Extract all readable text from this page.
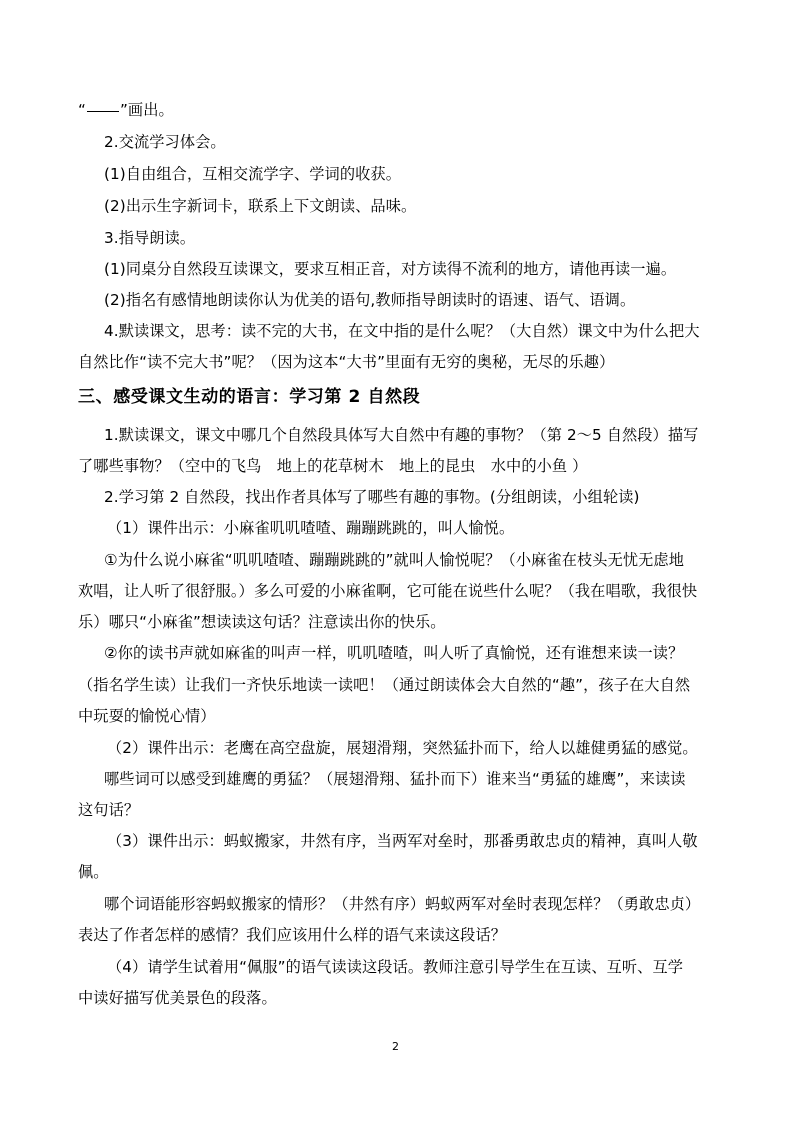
“ ”画出。
2.交流学习体会。
(1)自由组合，互相交流学字、学词的收获。
(2)出示生字新词卡，联系上下文朗读、品味。
3.指导朗读。
(1)同桌分自然段互读课文，要求互相正音，对方读得不流利的地方，请他再读一遍。
(2)指名有感情地朗读你认为优美的语句,教师指导朗读时的语速、语气、语调。
4.默读课文，思考：读不完的大书，在文中指的是什么呢？（大自然）课文中为什么把大
自然比作“读不完大书”呢？（因为这本“大书”里面有无穷的奥秘，无尽的乐趣）
三、感受课文生动的语言：学习第 2 自然段
1.默读课文，课文中哪几个自然段具体写大自然中有趣的事物？（第 2～5 自然段）描写
了哪些事物？（空中的飞鸟　地上的花草树木　地上的昆虫　水中的小鱼 ）
2.学习第 2 自然段，找出作者具体写了哪些有趣的事物。(分组朗读，小组轮读)
（1）课件出示：小麻雀叽叽喳喳、蹦蹦跳跳的，叫人愉悦。
①为什么说小麻雀“叽叽喳喳、蹦蹦跳跳的”就叫人愉悦呢？（小麻雀在枝头无忧无虑地
欢唱，让人听了很舒服。）多么可爱的小麻雀啊，它可能在说些什么呢？（我在唱歌，我很快
乐）哪只“小麻雀”想读读这句话？注意读出你的快乐。
②你的读书声就如麻雀的叫声一样，叽叽喳喳，叫人听了真愉悦，还有谁想来读一读？
（指名学生读）让我们一齐快乐地读一读吧！（通过朗读体会大自然的“趣”，孩子在大自然
中玩耍的愉悦心情）
（2）课件出示：老鹰在高空盘旋，展翅滑翔，突然猛扑而下，给人以雄健勇猛的感觉。
哪些词可以感受到雄鹰的勇猛？（展翅滑翔、猛扑而下）谁来当“勇猛的雄鹰”，来读读
这句话？
（3）课件出示：蚂蚁搬家，井然有序，当两军对垒时，那番勇敢忠贞的精神，真叫人敬
佩。
哪个词语能形容蚂蚁搬家的情形？（井然有序）蚂蚁两军对垒时表现怎样？（勇敢忠贞）
表达了作者怎样的感情？我们应该用什么样的语气来读这段话？
（4）请学生试着用“佩服”的语气读读这段话。教师注意引导学生在互读、互听、互学
中读好描写优美景色的段落。
2
